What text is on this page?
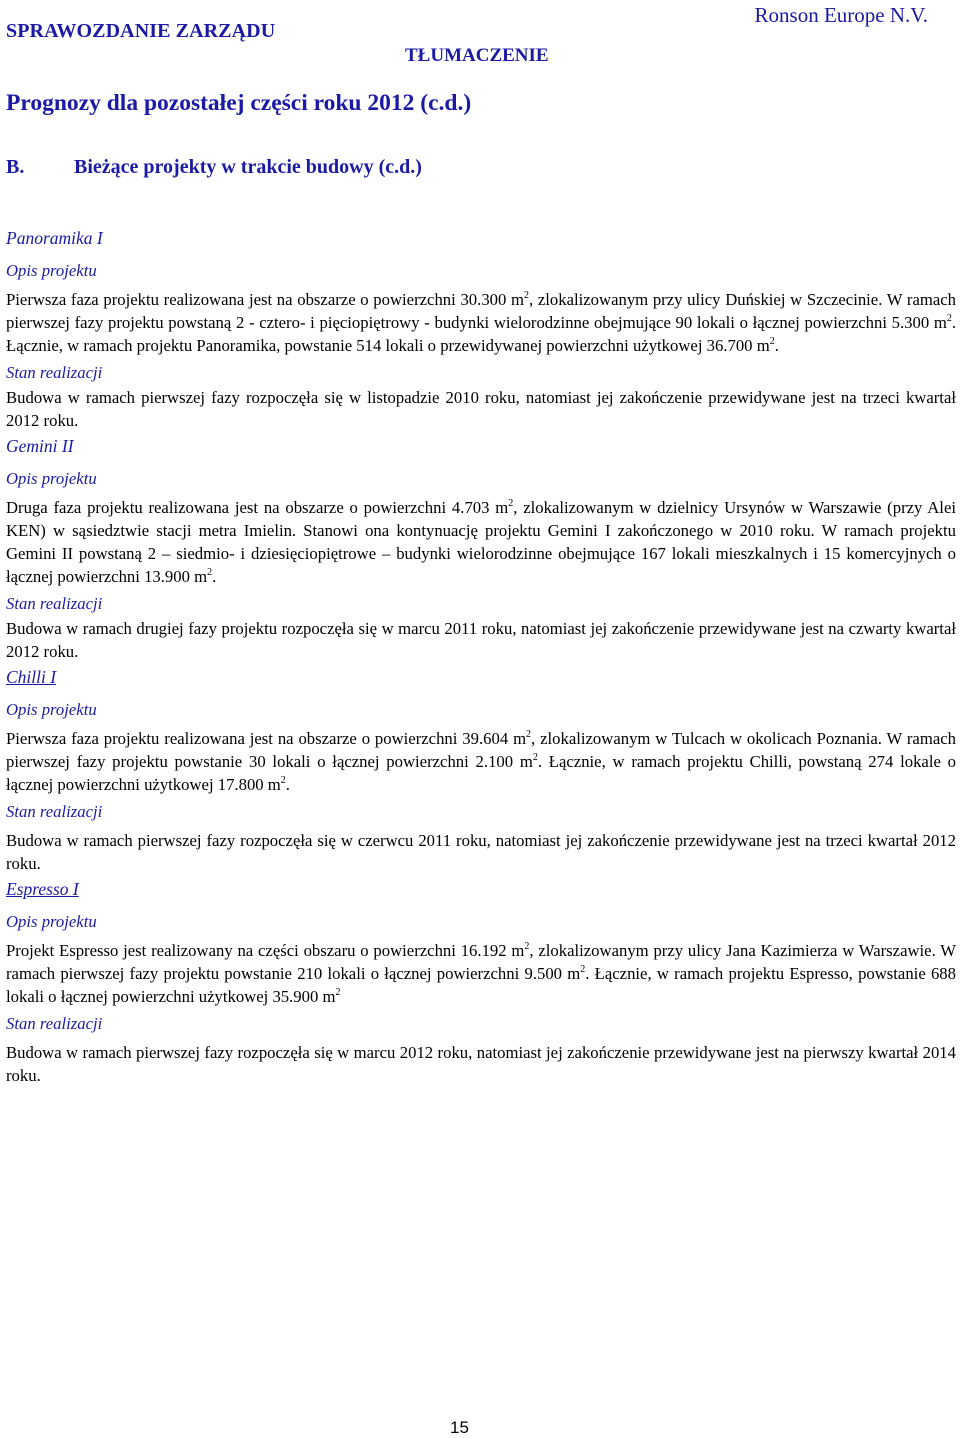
SPRAWOZDANIE ZARZĄDU
Ronson Europe N.V.
TŁUMACZENIE
Prognozy dla pozostałej części roku 2012 (c.d.)
B. Bieżące projekty w trakcie budowy (c.d.)
Panoramika I
Opis projektu

Pierwsza faza projektu realizowana jest na obszarze o powierzchni 30.300 $m^2$, zlokalizowanym przy ulicy Duńskiej w Szczecinie. W ramach pierwszej fazy projektu powstaną 2 - cztero- i pięciopiętrowy - budynki wielorodzinne obejmujące 90 lokali o łącznej powierzchni 5.300 $m^2$. Łącznie, w ramach projektu Panoramika, powstanie 514 lokali o przewidywanej powierzchni użytkowej 36.700 $m^2$.

Stan realizacji

Budowa w ramach pierwszej fazy rozpoczęła się w listopadzie 2010 roku, natomiast jej zakończenie przewidywane jest na trzeci kwartał 2012 roku.

Gemini II
Opis projektu

Druga faza projektu realizowana jest na obszarze o powierzchni 4.703 $m^2$, zlokalizowanym w dzielnicy Ursynów w Warszawie (przy Alei KEN) w sąsiedztwie stacji metra Imielin. Stanowi ona kontynuację projektu Gemini I zakończonego w 2010 roku. W ramach projektu Gemini II powstaną 2 – siedmio- i dziesięciopiętrowe – budynki wielorodzinne obejmujące 167 lokali mieszkalnych i 15 komercyjnych o łącznej powierzchni 13.900 $m^2$.

Stan realizacji

Budowa w ramach drugiej fazy projektu rozpoczęła się w marcu 2011 roku, natomiast jej zakończenie przewidywane jest na czwarty kwartał 2012 roku.

Chilli I
Opis projektu

Pierwsza faza projektu realizowana jest na obszarze o powierzchni 39.604 $m^2$, zlokalizowanym w Tulcach w okolicach Poznania. W ramach pierwszej fazy projektu powstanie 30 lokali o łącznej powierzchni 2.100 $m^2$. Łącznie, w ramach projektu Chilli, powstaną 274 lokale o łącznej powierzchni użytkowej 17.800 $m^2$.

Stan realizacji

Budowa w ramach pierwszej fazy rozpoczęła się w czerwcu 2011 roku, natomiast jej zakończenie przewidywane jest na trzeci kwartał 2012 roku.

Espresso I
Opis projektu

Projekt Espresso jest realizowany na części obszaru o powierzchni 16.192 $m^2$, zlokalizowanym przy ulicy Jana Kazimierza w Warszawie. W ramach pierwszej fazy projektu powstanie 210 lokali o łącznej powierzchni 9.500 $m^2$. Łącznie, w ramach projektu Espresso, powstanie 688 lokali o łącznej powierzchni użytkowej 35.900 $m^2$

Stan realizacji

Budowa w ramach pierwszej fazy rozpoczęła się w marcu 2012 roku, natomiast jej zakończenie przewidywane jest na pierwszy kwartał 2014 roku.

15
